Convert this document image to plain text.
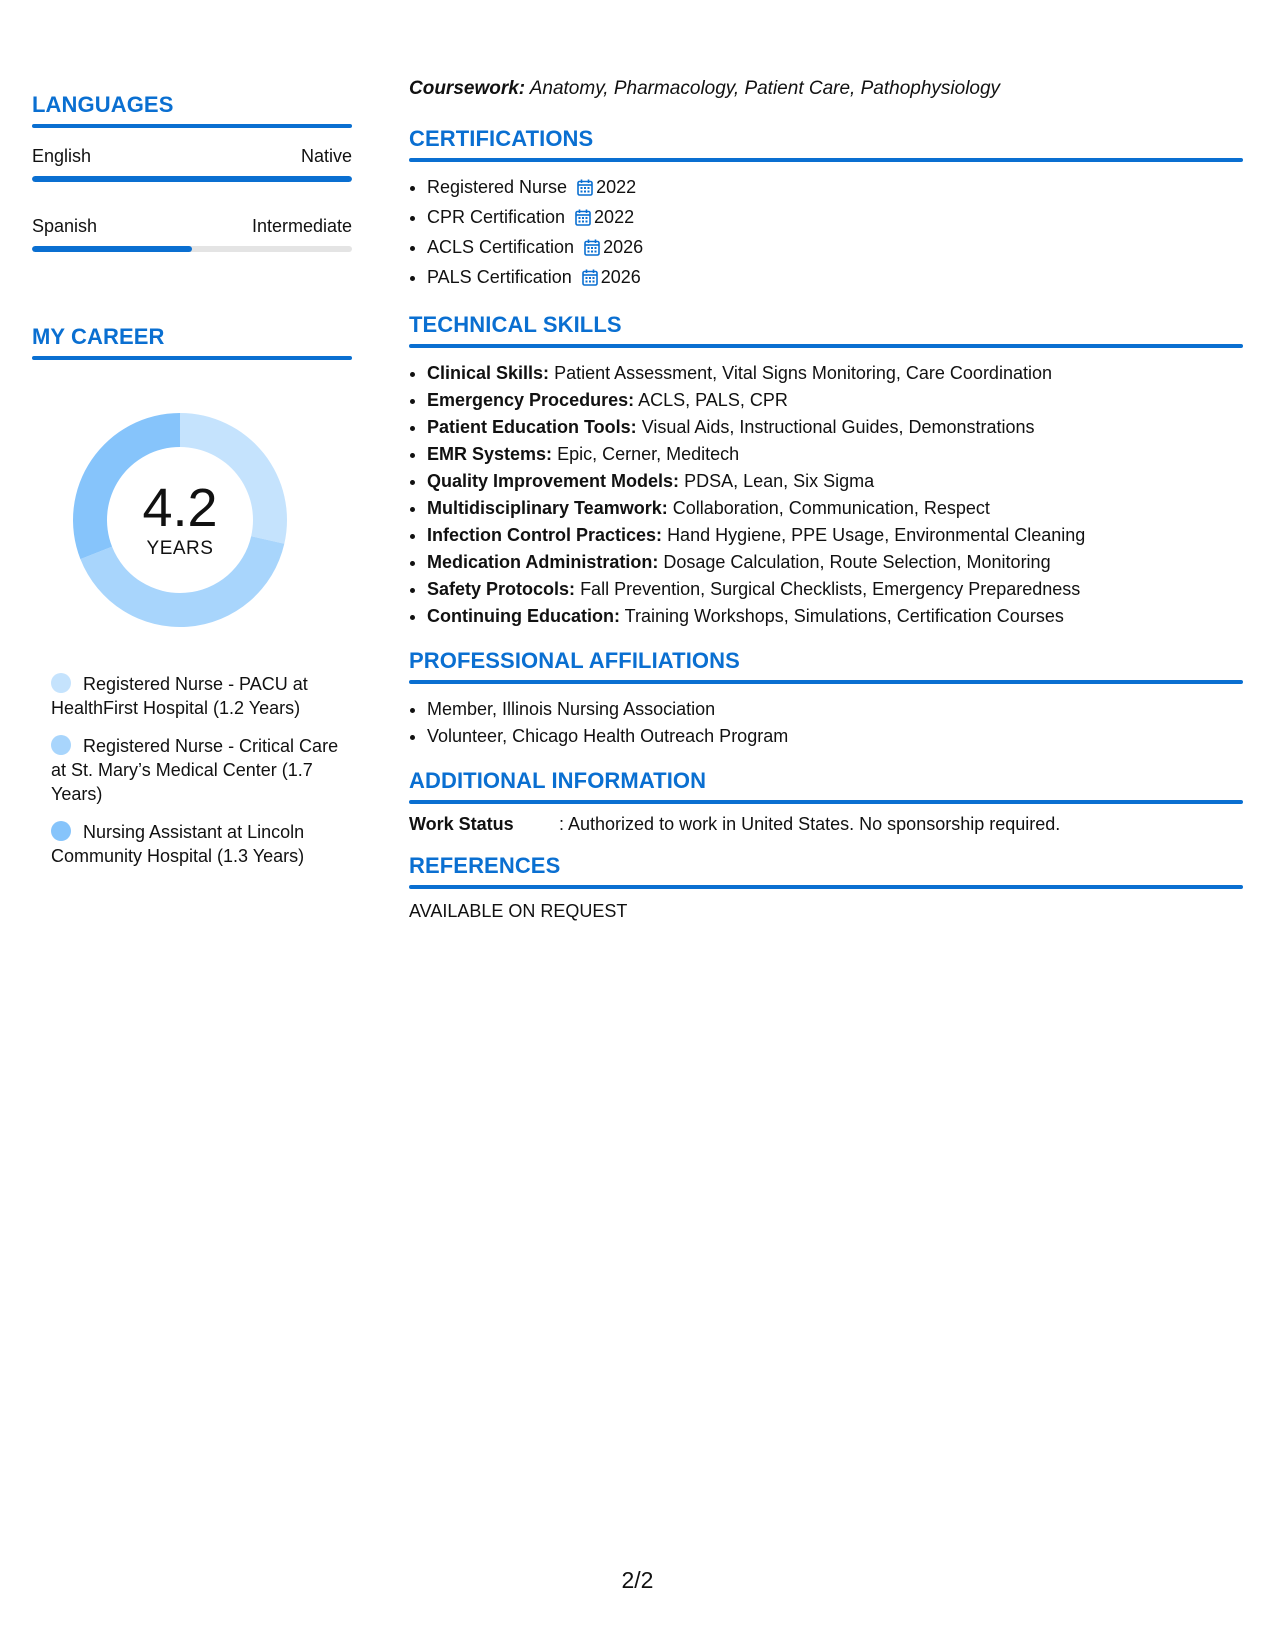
LANGUAGES
English	Native
Spanish	Intermediate
MY CAREER
4.2
YEARS
Registered Nurse - PACU at HealthFirst Hospital (1.2 Years)
Registered Nurse - Critical Care at St. Mary’s Medical Center (1.7 Years)
Nursing Assistant at Lincoln Community Hospital (1.3 Years)

Coursework: Anatomy, Pharmacology, Patient Care, Pathophysiology

CERTIFICATIONS
• Registered Nurse 2022
• CPR Certification 2022
• ACLS Certification 2026
• PALS Certification 2026
TECHNICAL SKILLS
• Clinical Skills: Patient Assessment, Vital Signs Monitoring, Care Coordination
• Emergency Procedures: ACLS, PALS, CPR
• Patient Education Tools: Visual Aids, Instructional Guides, Demonstrations
• EMR Systems: Epic, Cerner, Meditech
• Quality Improvement Models: PDSA, Lean, Six Sigma
• Multidisciplinary Teamwork: Collaboration, Communication, Respect
• Infection Control Practices: Hand Hygiene, PPE Usage, Environmental Cleaning
• Medication Administration: Dosage Calculation, Route Selection, Monitoring
• Safety Protocols: Fall Prevention, Surgical Checklists, Emergency Preparedness
• Continuing Education: Training Workshops, Simulations, Certification Courses
PROFESSIONAL AFFILIATIONS
• Member, Illinois Nursing Association
• Volunteer, Chicago Health Outreach Program
ADDITIONAL INFORMATION
Work Status	: Authorized to work in United States. No sponsorship required.
REFERENCES
AVAILABLE ON REQUEST
2/2
